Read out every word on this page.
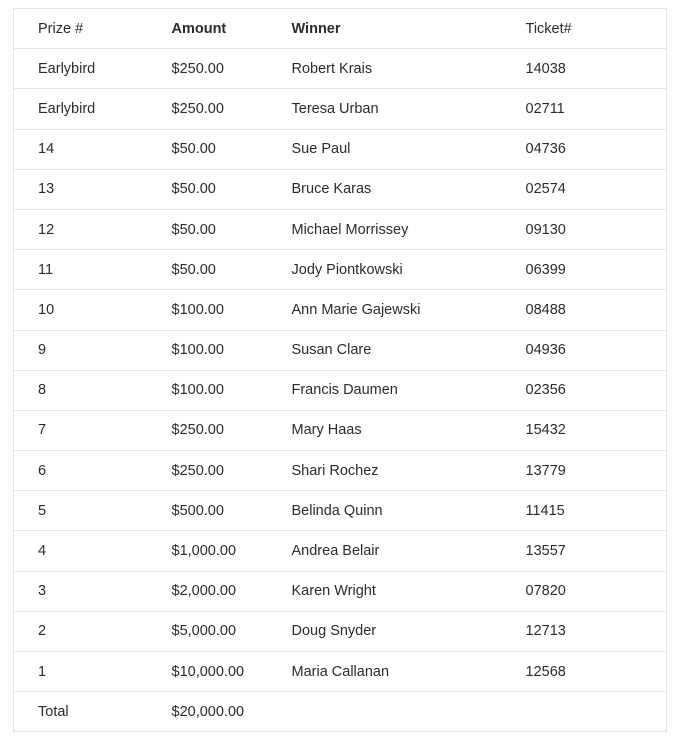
Prize #	Amount	Winner	Ticket#
Earlybird	$250.00	Robert Krais	14038
Earlybird	$250.00	Teresa Urban	02711
14	$50.00	Sue Paul	04736
13	$50.00	Bruce Karas	02574
12	$50.00	Michael Morrissey	09130
11	$50.00	Jody Piontkowski	06399
10	$100.00	Ann Marie Gajewski	08488
9	$100.00	Susan Clare	04936
8	$100.00	Francis Daumen	02356
7	$250.00	Mary Haas	15432
6	$250.00	Shari Rochez	13779
5	$500.00	Belinda Quinn	11415
4	$1,000.00	Andrea Belair	13557
3	$2,000.00	Karen Wright	07820
2	$5,000.00	Doug Snyder	12713
1	$10,000.00	Maria Callanan	12568
Total	$20,000.00		
